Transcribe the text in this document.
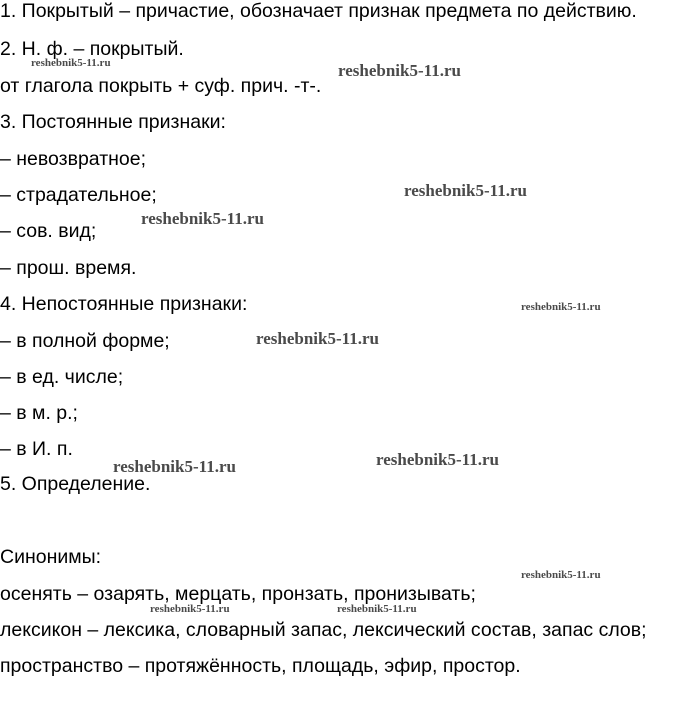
1. Покрытый – причастие, обозначает признак предмета по действию.
2. Н. ф. – покрытый.
от глагола покрыть + суф. прич. -т-.
3. Постоянные признаки:
– невозвратное;
– страдательное;
– сов. вид;
– прош. время.
4. Непостоянные признаки:
– в полной форме;
– в ед. числе;
– в м. р.;
– в И. п.
5. Определение.
Синонимы:
осенять – озарять, мерцать, пронзать, пронизывать;
лексикон – лексика, словарный запас, лексический состав, запас слов;
пространство – протяжённость, площадь, эфир, простор.
reshebnik5-11.ru	reshebnik5-11.ru
reshebnik5-11.ru
reshebnik5-11.ru
reshebnik5-11.ru
reshebnik5-11.ru
reshebnik5-11.ru
reshebnik5-11.ru
reshebnik5-11.ru
reshebnik5-11.ru	reshebnik5-11.ru
